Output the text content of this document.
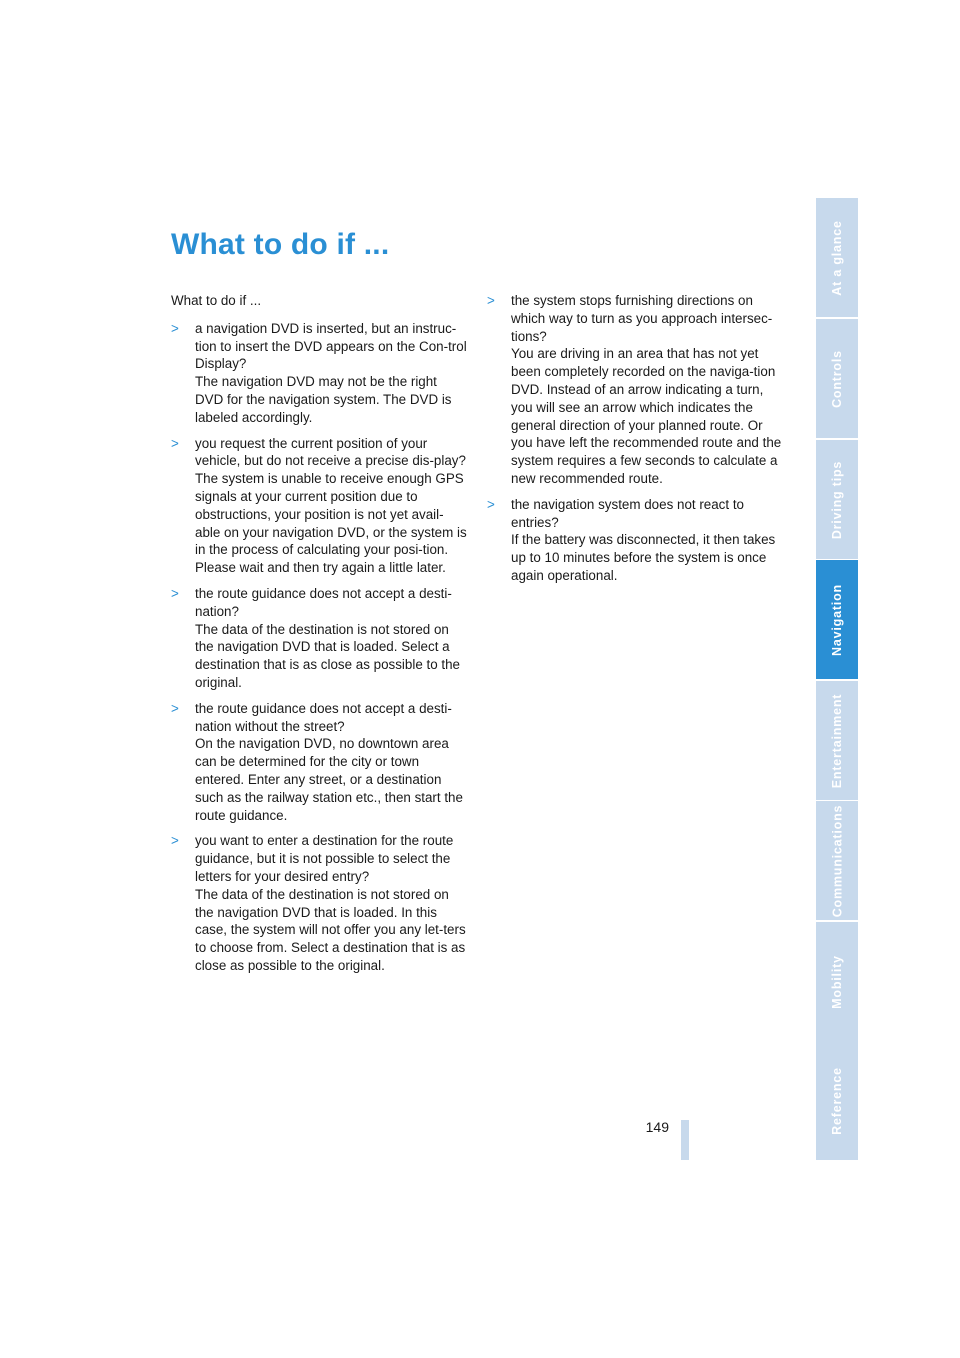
What to do if ...

What to do if ...

> a navigation DVD is inserted, but an instruc-tion to insert the DVD appears on the Con-trol Display?

The navigation DVD may not be the right DVD for the navigation system. The DVD is labeled accordingly.

> you request the current position of your vehicle, but do not receive a precise dis-play?

The system is unable to receive enough GPS signals at your current position due to obstructions, your position is not yet avail-able on your navigation DVD, or the system is in the process of calculating your posi-tion. Please wait and then try again a little later.

> the route guidance does not accept a desti-nation?

The data of the destination is not stored on the navigation DVD that is loaded. Select a destination that is as close as possible to the original.

> the route guidance does not accept a desti-nation without the street?

On the navigation DVD, no downtown area can be determined for the city or town entered. Enter any street, or a destination such as the railway station etc., then start the route guidance.

> you want to enter a destination for the route guidance, but it is not possible to select the letters for your desired entry?

The data of the destination is not stored on the navigation DVD that is loaded. In this case, the system will not offer you any let-ters to choose from. Select a destination that is as close as possible to the original.

> the system stops furnishing directions on which way to turn as you approach intersec-tions?

You are driving in an area that has not yet been completely recorded on the naviga-tion DVD. Instead of an arrow indicating a turn, you will see an arrow which indicates the general direction of your planned route. Or you have left the recommended route and the system requires a few seconds to calculate a new recommended route.

> the navigation system does not react to entries?

If the battery was disconnected, it then takes up to 10 minutes before the system is once again operational.

149
At a glance
Controls
Driving tips
Navigation
Entertainment
Communications
Mobility
Reference
